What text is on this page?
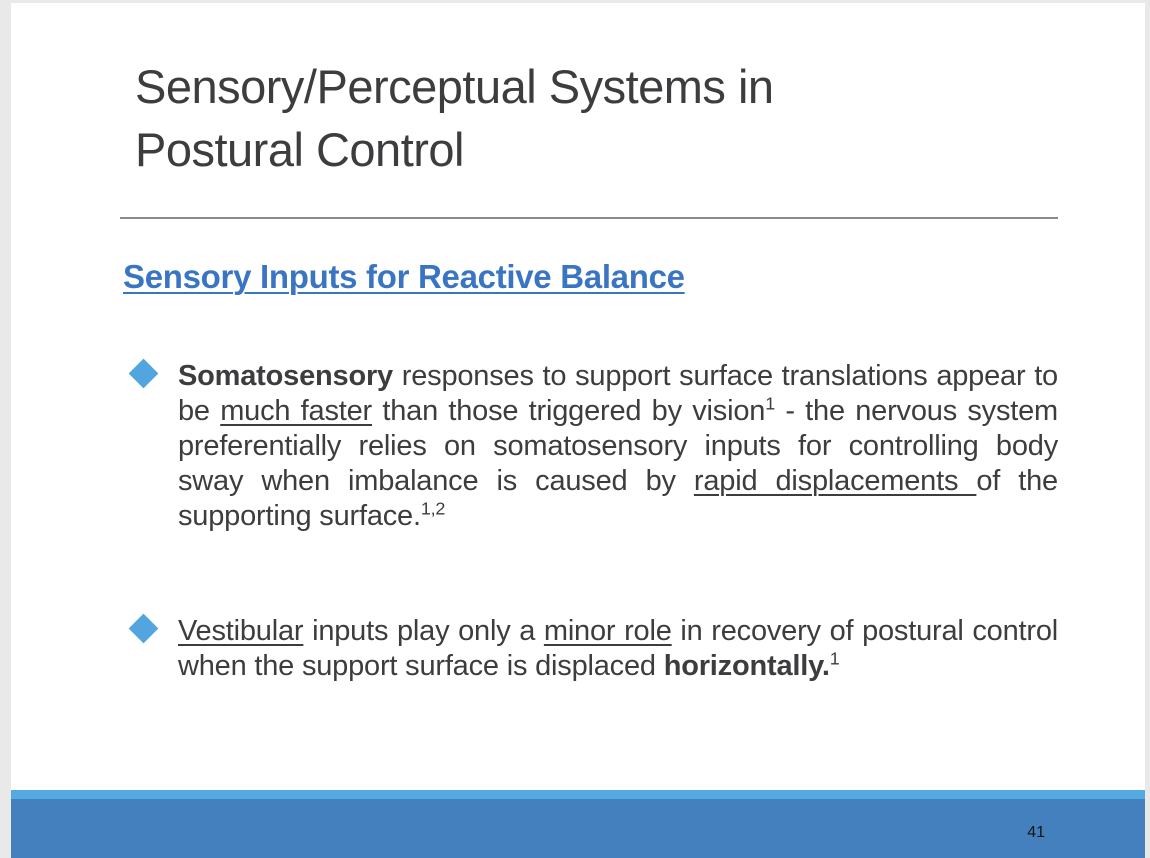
Sensory/Perceptual Systems in
Postural Control
Sensory Inputs for Reactive Balance

Somatosensory responses to support surface translations appear to be much faster than those triggered by vision$^1$ - the nervous system preferentially relies on somatosensory inputs for controlling body sway when imbalance is caused by rapid displacements of the supporting surface.$^{1,2}$

Vestibular inputs play only a minor role in recovery of postural control when the support surface is displaced horizontally.$^1$

41
